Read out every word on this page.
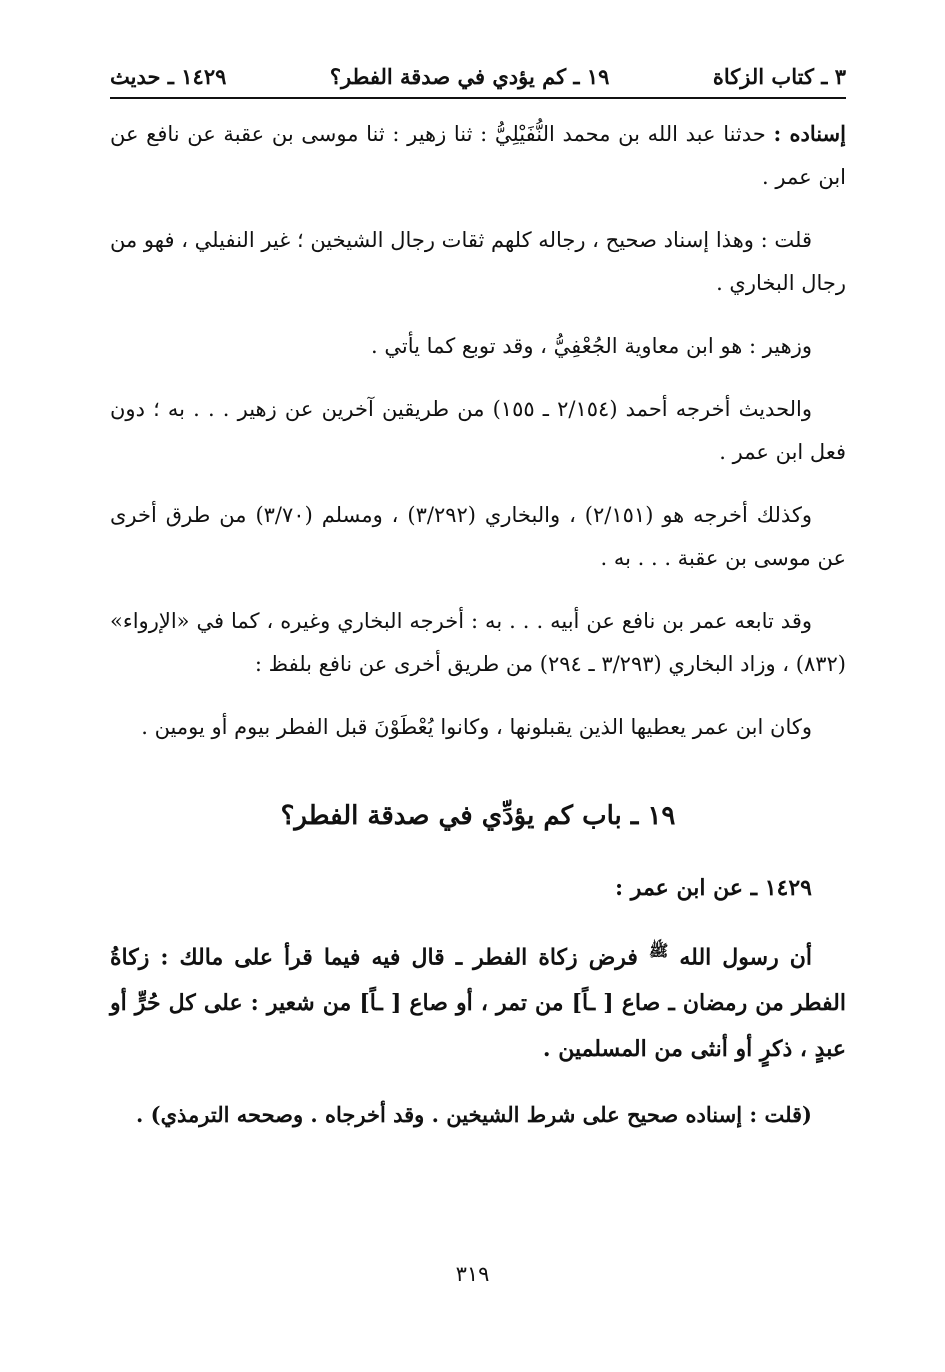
٣ ـ كتاب الزكاة
١٩ ـ كم يؤدي في صدقة الفطر؟
١٤٢٩ ـ حديث

إسناده : حدثنا عبد الله بن محمد النُّفَيْلِيُّ : ثنا زهير : ثنا موسى بن عقبة عن نافع عن ابن عمر .

قلت : وهذا إسناد صحيح ، رجاله كلهم ثقات رجال الشيخين ؛ غير النفيلي ، فهو من رجال البخاري .

وزهير : هو ابن معاوية الجُعْفِيُّ ، وقد توبع كما يأتي .

والحديث أخرجه أحمد (٢/١٥٤ ـ ١٥٥) من طريقين آخرين عن زهير . . . به ؛ دون فعل ابن عمر .

وكذلك أخرجه هو (٢/١٥١) ، والبخاري (٣/٢٩٢) ، ومسلم (٣/٧٠) من طرق أخرى عن موسى بن عقبة . . . به .

وقد تابعه عمر بن نافع عن أبيه . . . به : أخرجه البخاري وغيره ، كما في «الإرواء» (٨٣٢) ، وزاد البخاري (٣/٢٩٣ ـ ٢٩٤) من طريق أخرى عن نافع بلفظ :

وكان ابن عمر يعطيها الذين يقبلونها ، وكانوا يُعْطَوْنَ قبل الفطر بيوم أو يومين .

١٩ ـ باب كم يؤدِّي في صدقة الفطر؟
١٤٢٩ ـ عن ابن عمر :
أن رسول الله $^ﷺ$ فرض زكاة الفطر ـ قال فيه فيما قرأ على مالك : زكاةُ الفطر من رمضان ـ صاع [ ـاً] من تمر ، أو صاع [ ـاً] من شعير : على كل حُرٍّ أو عبدٍ ، ذكرٍ أو أنثى من المسلمين .

(قلت : إسناده صحيح على شرط الشيخين . وقد أخرجاه . وصححه الترمذي) .

٣١٩
